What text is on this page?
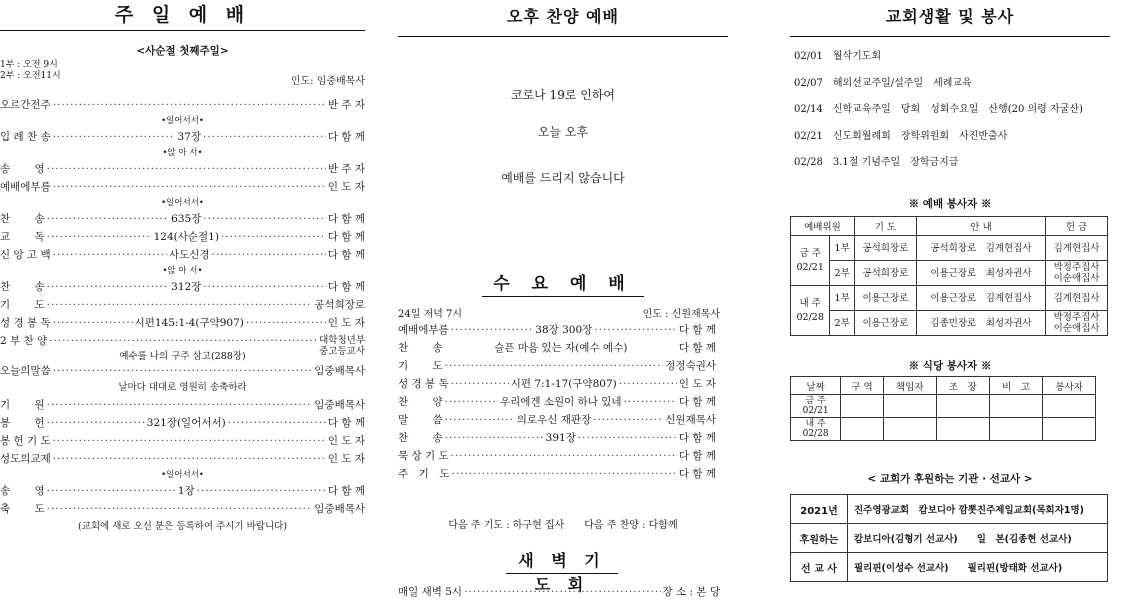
주 일 예 배
<사순절 첫째주일>
1부 : 오전 9시
2부 : 오전11시	인도: 임중배목사
오르간전주 ·····	반 주 자
•일어서서•
입 례 찬 송 ·····	37장 ·····	다 함 께
•앉 아 서•
송　　 영 ·····	반 주 자
예배에부름 ·····	인 도 자
•일어서서•
찬　　 송 ·····	635장 ·····	다 함 께
교　　 독 ·····	124(사순절1) ·····	다 함 께
신 앙 고 백 ·····	사도신경 ·····	다 함 께
•앉 아 서•
찬　　 송 ·····	312장 ·····	다 함 께
기　　 도 ·····	공석희장로
성 경 봉 독 ·····	시편145:1-4(구약907) ·····	인 도 자
2 부 찬 양 ·····	대학청년부
중고등교사
예수를 나의 구주 삼고(288장)
오늘의말씀 ·····	임중배목사
날마다 대대로 영원히 송축하라
기　　 원 ·····	임중배목사
봉　　 헌 ·····	321장(일어서서) ·····	다 함 께
봉 헌 기 도 ·····	인 도 자
성도의교제 ·····	인 도 자
•일어서서•
송　　 영 ·····	1장 ·····	다 함 께
축　　 도 ·····	임중배목사
(교회에 새로 오신 분은 등록하여 주시기 바랍니다)
오후 찬양 예배
코로나 19로 인하여
오늘 오후
예배를 드리지 않습니다
수 요 예 배
24일 저녁 7시	인도 : 신원재목사
예배에부름 ·····	38장 300장 ·····	다 함 께
찬　　 송	슬픈 마음 있는 자(예수 예수)	다 함 께
기　　 도 ·····	정정숙권사
성 경 봉 독 ·····	시편 7:1-17(구약807) ·····	인 도 자
찬　　 양 ·····	우리에겐 소원이 하나 있네 ·····	다 함 께
말　　 씀 ·····	의로우신 재판장 ·····	신원재목사
찬　　 송 ·····	391장 ·····	다 함 께
묵 상 기 도 ·····	다 함 께
주　기　도 ·····	다 함 께
다음 주 기도 : 하구현 집사　　다음 주 찬양 : 다함께
새 벽 기 도 회
매일 새벽 5시 ·····	장 소 : 본 당
교회생활 및 봉사
02/01　월삭기도회
02/07　해외선교주일/설주일　세례교육
02/14　신학교육주일　당회　성회수요일　산행(20 의령 자굴산)
02/21　신도회월례회　장학위원회　사진반출사
02/28　3.1절 기념주일　장학금지급
※ 예배 봉사자 ※
예배위원		기 도	안 내	헌 금
금 주
02/21	1부	공석희장로	공석희장로　김계현집사	김계현집사
	2부	공석희장로	이용근장로　최성자권사	박정주집사
이순애집사
내 주
02/28	1부	이용근장로	이용근장로　김계현집사	김계현집사
	2부	이용근장로	김종민장로　최성자권사	박정주집사
이순애집사
※ 식당 봉사자 ※
날짜	구 역	책임자	조　장	비　고	봉사자
금 주
02/21					
내 주
02/28					
< 교회가 후원하는 기관 · 선교사 >
2021년	진주영광교회　캄보디아 깜뽓진주제일교회(목회자1명)
후원하는	캄보디아(김형기 선교사)　　일　본(김종현 선교사)
선 교 사	필리핀(이성수 선교사)　　필리핀(방태화 선교사)
